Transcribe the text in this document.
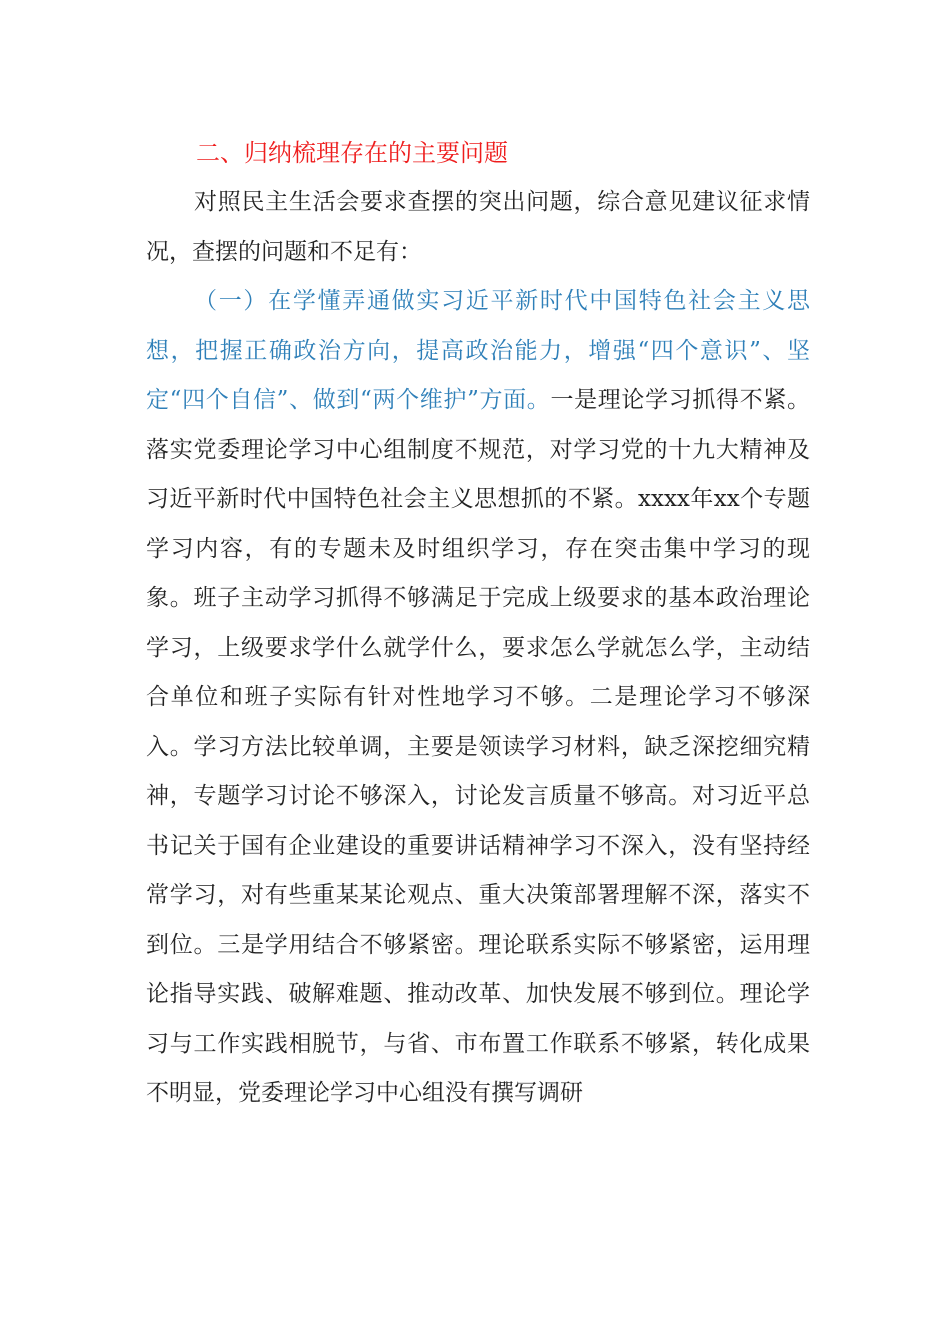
二、归纳梳理存在的主要问题

对照民主生活会要求查摆的突出问题，综合意见建议征求情况，查摆的问题和不足有：

（一）在学懂弄通做实习近平新时代中国特色社会主义思想，把握正确政治方向，提高政治能力，增强“四个意识”、坚定“四个自信”、做到“两个维护”方面。一是理论学习抓得不紧。落实党委理论学习中心组制度不规范，对学习党的十九大精神及习近平新时代中国特色社会主义思想抓的不紧。xxxx年xx个专题学习内容，有的专题未及时组织学习，存在突击集中学习的现象。班子主动学习抓得不够满足于完成上级要求的基本政治理论学习，上级要求学什么就学什么，要求怎么学就怎么学，主动结合单位和班子实际有针对性地学习不够。二是理论学习不够深入。学习方法比较单调，主要是领读学习材料，缺乏深挖细究精神，专题学习讨论不够深入，讨论发言质量不够高。对习近平总书记关于国有企业建设的重要讲话精神学习不深入，没有坚持经常学习，对有些重某某论观点、重大决策部署理解不深，落实不到位。三是学用结合不够紧密。理论联系实际不够紧密，运用理论指导实践、破解难题、推动改革、加快发展不够到位。理论学习与工作实践相脱节，与省、市布置工作联系不够紧，转化成果不明显，党委理论学习中心组没有撰写调研
